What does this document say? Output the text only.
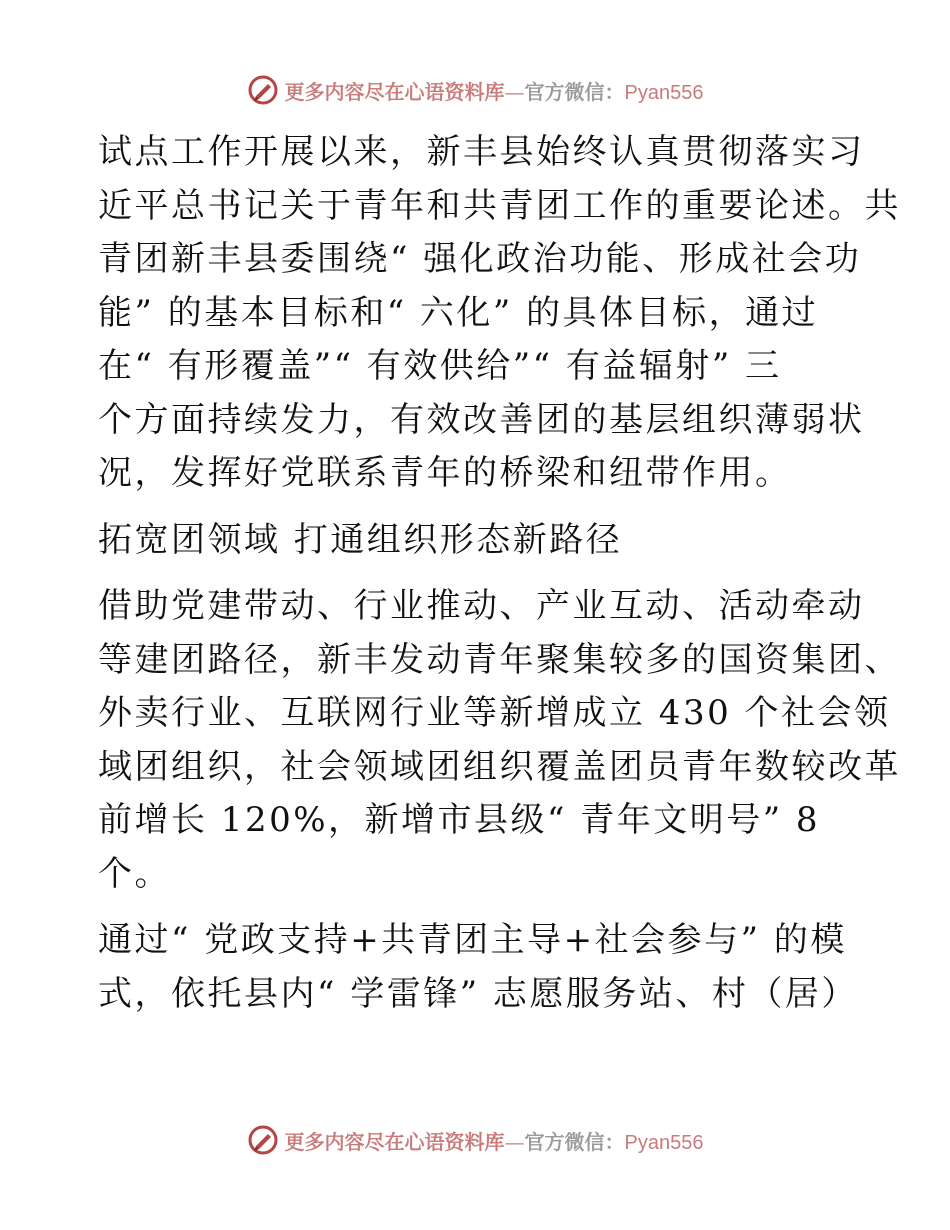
更多内容尽在心语资料库—官方微信：Pyan556

试点工作开展以来，新丰县始终认真贯彻落实习
近平总书记关于青年和共青团工作的重要论述。共
青团新丰县委围绕“ 强化政治功能、形成社会功
能” 的基本目标和“ 六化” 的具体目标，通过
在“ 有形覆盖”“ 有效供给”“ 有益辐射” 三
个方面持续发力，有效改善团的基层组织薄弱状
况，发挥好党联系青年的桥梁和纽带作用。

拓宽团领域 打通组织形态新路径

借助党建带动、行业推动、产业互动、活动牵动
等建团路径，新丰发动青年聚集较多的国资集团、
外卖行业、互联网行业等新增成立 430 个社会领
域团组织，社会领域团组织覆盖团员青年数较改革
前增长 120%，新增市县级“ 青年文明号” 8
个。

通过“ 党政支持+共青团主导+社会参与” 的模
式，依托县内“ 学雷锋” 志愿服务站、村（居）

更多内容尽在心语资料库—官方微信：Pyan556
